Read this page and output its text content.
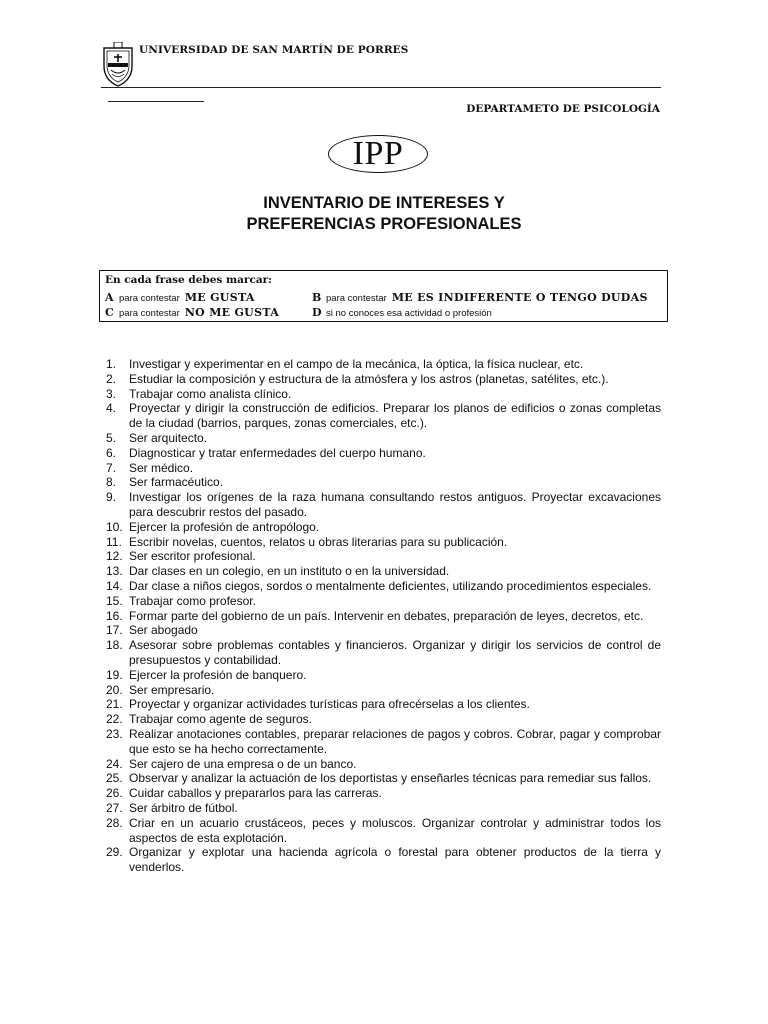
UNIVERSIDAD DE SAN MARTÍN DE PORRES
DEPARTAMETO DE PSICOLOGÍA
IPP
INVENTARIO DE INTERESES Y
PREFERENCIAS PROFESIONALES
En cada frase debes marcar:
A para contestar ME GUSTA	B para contestar ME ES INDIFERENTE O TENGO DUDAS
C para contestar NO ME GUSTA	D si no conoces esa actividad o profesión
1.	Investigar y experimentar en el campo de la mecánica, la óptica, la física nuclear, etc.
2.	Estudiar la composición y estructura de la atmósfera y los astros (planetas, satélites, etc.).
3.	Trabajar como analista clínico.
4.	Proyectar y dirigir la construcción de edificios. Preparar los planos de edificios o zonas completas de la ciudad (barrios, parques, zonas comerciales, etc.).
5.	Ser arquitecto.
6.	Diagnosticar y tratar enfermedades del cuerpo humano.
7.	Ser médico.
8.	Ser farmacéutico.
9.	Investigar los orígenes de la raza humana consultando restos antiguos. Proyectar excavaciones para descubrir restos del pasado.
10. Ejercer la profesión de antropólogo.
11. Escribir novelas, cuentos, relatos u obras literarias para su publicación.
12. Ser escritor profesional.
13. Dar clases en un colegio, en un instituto o en la universidad.
14. Dar clase a niños ciegos, sordos o mentalmente deficientes, utilizando procedimientos especiales.
15. Trabajar como profesor.
16. Formar parte del gobierno de un país. Intervenir en debates, preparación de leyes, decretos, etc.
17. Ser abogado
18. Asesorar sobre problemas contables y financieros. Organizar y dirigir los servicios de control de presupuestos y contabilidad.
19. Ejercer la profesión de banquero.
20. Ser empresario.
21. Proyectar y organizar actividades turísticas para ofrecérselas a los clientes.
22. Trabajar como agente de seguros.
23. Realizar anotaciones contables, preparar relaciones de pagos y cobros. Cobrar, pagar y comprobar que esto se ha hecho correctamente.
24. Ser cajero de una empresa o de un banco.
25. Observar y analizar la actuación de los deportistas y enseñarles técnicas para remediar sus fallos.
26. Cuidar caballos y prepararlos para las carreras.
27. Ser árbitro de fútbol.
28. Criar en un acuario crustáceos, peces y moluscos. Organizar controlar y administrar todos los aspectos de esta explotación.
29. Organizar y explotar una hacienda agrícola o forestal para obtener productos de la tierra y venderlos.
